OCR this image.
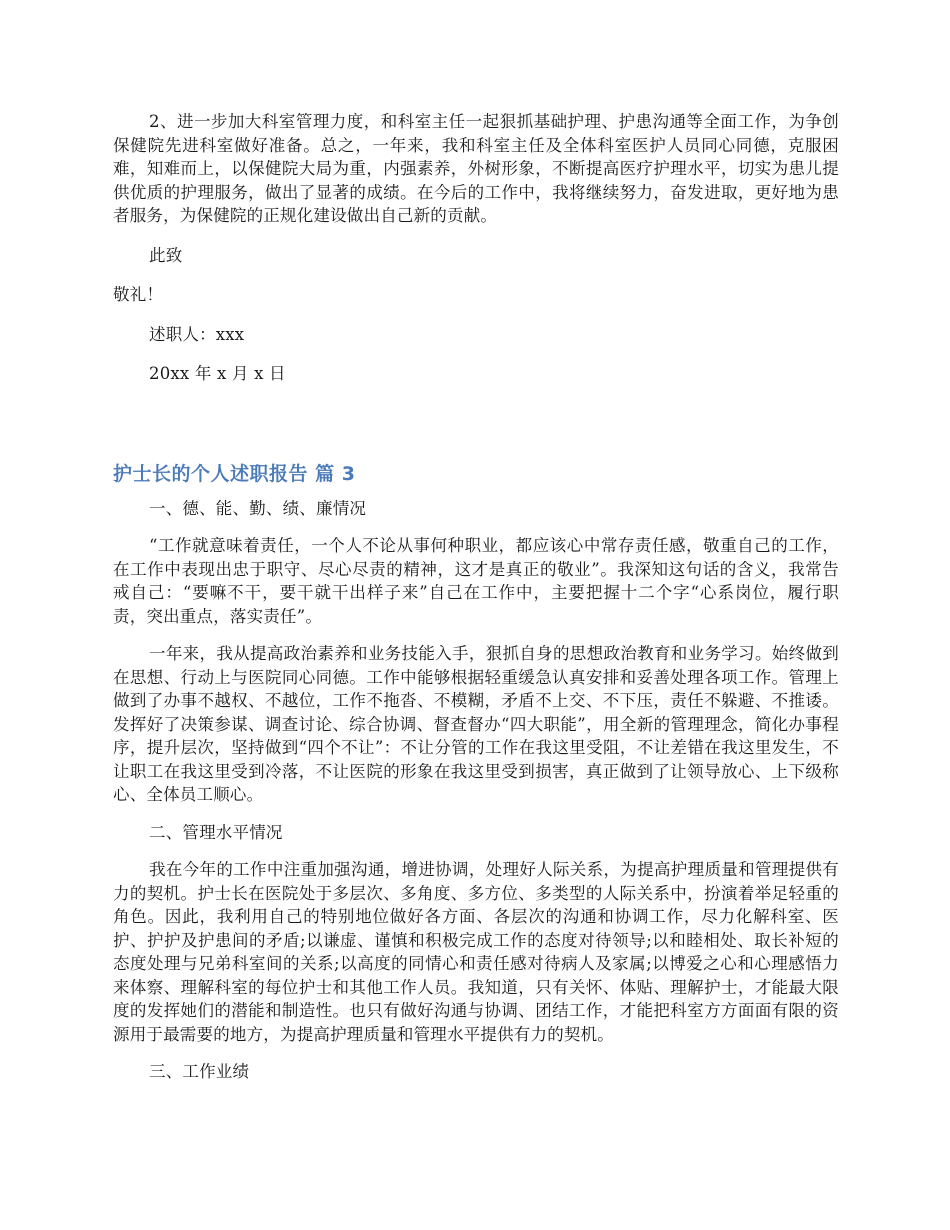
2、进一步加大科室管理力度，和科室主任一起狠抓基础护理、护患沟通等全面工作，为争创保健院先进科室做好准备。总之，一年来，我和科室主任及全体科室医护人员同心同德，克服困难，知难而上，以保健院大局为重，内强素养，外树形象，不断提高医疗护理水平，切实为患儿提供优质的护理服务，做出了显著的成绩。在今后的工作中，我将继续努力，奋发进取，更好地为患者服务，为保健院的正规化建设做出自己新的贡献。

此致

敬礼！

述职人：xxx

20xx 年 x 月 x 日

护士长的个人述职报告 篇 3

一、德、能、勤、绩、廉情况

“工作就意味着责任，一个人不论从事何种职业，都应该心中常存责任感，敬重自己的工作，在工作中表现出忠于职守、尽心尽责的精神，这才是真正的敬业”。我深知这句话的含义，我常告戒自己：“要嘛不干，要干就干出样子来”自己在工作中，主要把握十二个字“心系岗位，履行职责，突出重点，落实责任”。

一年来，我从提高政治素养和业务技能入手，狠抓自身的思想政治教育和业务学习。始终做到在思想、行动上与医院同心同德。工作中能够根据轻重缓急认真安排和妥善处理各项工作。管理上做到了办事不越权、不越位，工作不拖沓、不模糊，矛盾不上交、不下压，责任不躲避、不推诿。发挥好了决策参谋、调查讨论、综合协调、督查督办“四大职能”，用全新的管理理念，简化办事程序，提升层次，坚持做到“四个不让”：不让分管的工作在我这里受阻，不让差错在我这里发生，不让职工在我这里受到冷落，不让医院的形象在我这里受到损害，真正做到了让领导放心、上下级称心、全体员工顺心。

二、管理水平情况

我在今年的工作中注重加强沟通，增进协调，处理好人际关系，为提高护理质量和管理提供有力的契机。护士长在医院处于多层次、多角度、多方位、多类型的人际关系中，扮演着举足轻重的角色。因此，我利用自己的特别地位做好各方面、各层次的沟通和协调工作，尽力化解科室、医护、护护及护患间的矛盾;以谦虚、谨慎和积极完成工作的态度对待领导;以和睦相处、取长补短的态度处理与兄弟科室间的关系;以高度的同情心和责任感对待病人及家属;以博爱之心和心理感悟力来体察、理解科室的每位护士和其他工作人员。我知道，只有关怀、体贴、理解护士，才能最大限度的发挥她们的潜能和制造性。也只有做好沟通与协调、团结工作，才能把科室方方面面有限的资源用于最需要的地方，为提高护理质量和管理水平提供有力的契机。

三、工作业绩
